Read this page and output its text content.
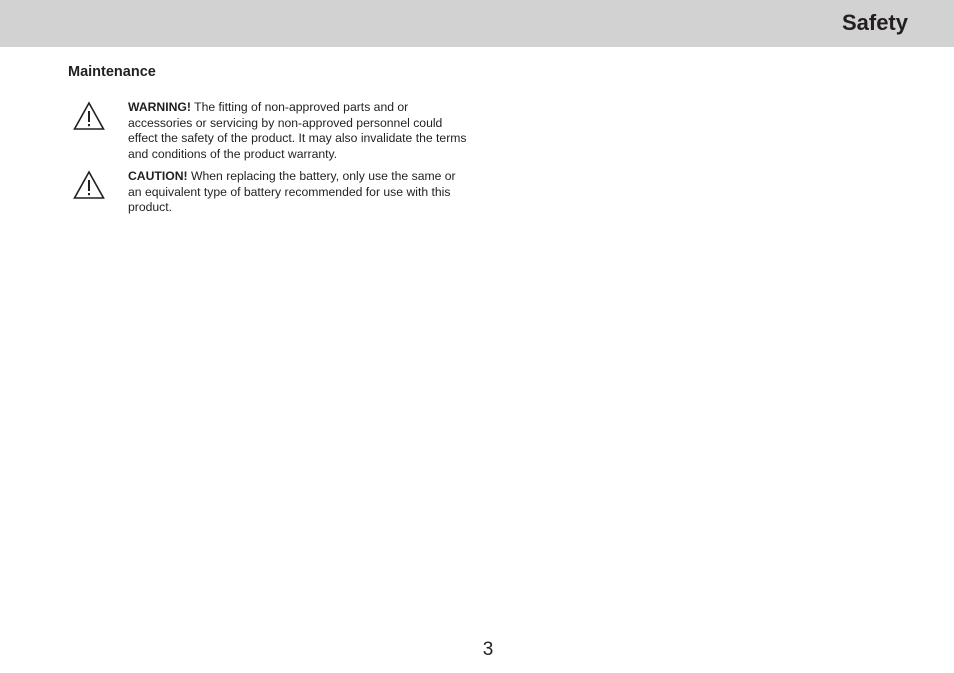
Safety
Maintenance
WARNING! The fitting of non-approved parts and or accessories or servicing by non-approved personnel could effect the safety of the product. It may also invalidate the terms and conditions of the product warranty.
CAUTION! When replacing the battery, only use the same or an equivalent type of battery recommended for use with this product.
3
